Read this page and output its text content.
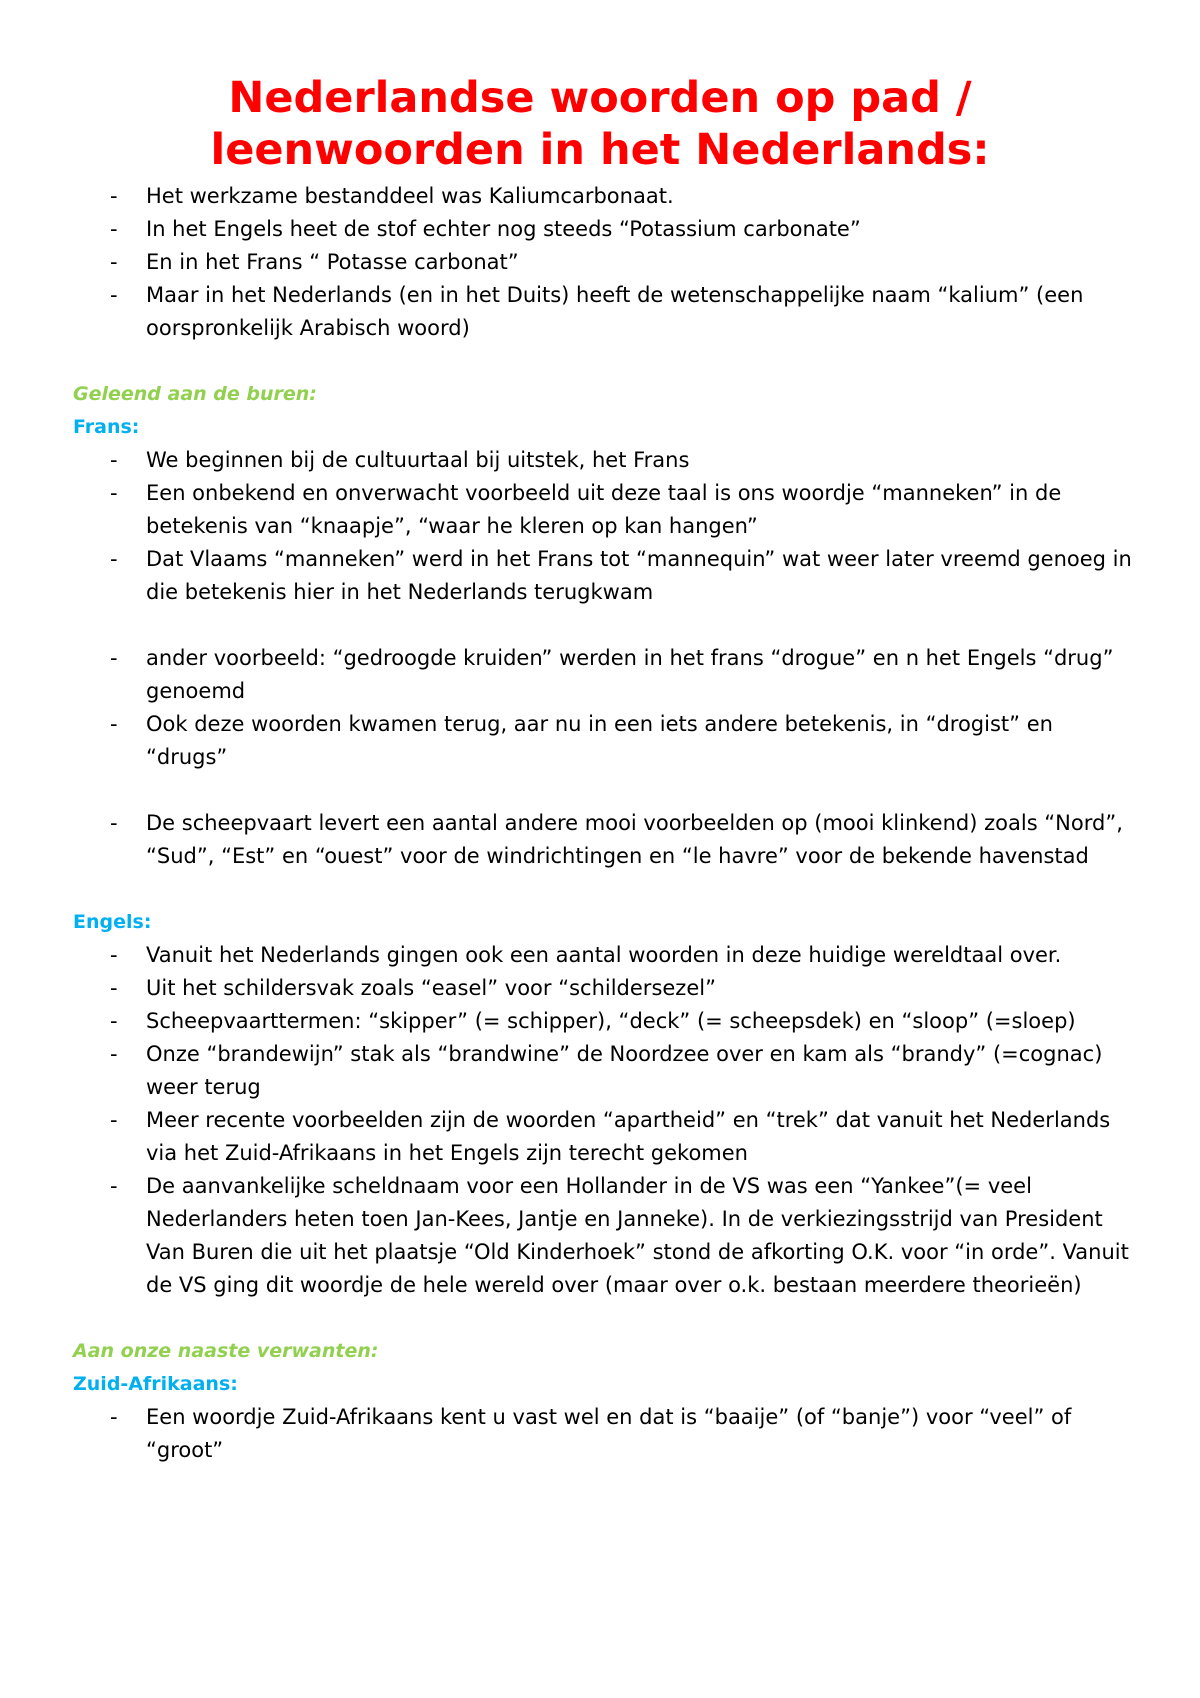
Nederlandse woorden op pad /
leenwoorden in het Nederlands:
- Het werkzame bestanddeel was Kaliumcarbonaat.
- In het Engels heet de stof echter nog steeds “Potassium carbonate”
- En in het Frans “ Potasse carbonat”
- Maar in het Nederlands (en in het Duits) heeft de wetenschappelijke naam “kalium” (een oorspronkelijk Arabisch woord)
Geleend aan de buren:
Frans:
- We beginnen bij de cultuurtaal bij uitstek, het Frans
- Een onbekend en onverwacht voorbeeld uit deze taal is ons woordje “manneken” in de betekenis van “knaapje”, “waar he kleren op kan hangen”
- Dat Vlaams “manneken” werd in het Frans tot “mannequin” wat weer later vreemd genoeg in die betekenis hier in het Nederlands terugkwam
- ander voorbeeld: “gedroogde kruiden” werden in het frans “drogue” en n het Engels “drug” genoemd
- Ook deze woorden kwamen terug, aar nu in een iets andere betekenis, in “drogist” en “drugs”
- De scheepvaart levert een aantal andere mooi voorbeelden op (mooi klinkend) zoals “Nord”, “Sud”, “Est” en “ouest” voor de windrichtingen en “le havre” voor de bekende havenstad
Engels:
- Vanuit het Nederlands gingen ook een aantal woorden in deze huidige wereldtaal over.
- Uit het schildersvak zoals “easel” voor “schildersezel”
- Scheepvaarttermen: “skipper” (= schipper), “deck” (= scheepsdek) en “sloop” (=sloep)
- Onze “brandewijn” stak als “brandwine” de Noordzee over en kam als “brandy” (=cognac) weer terug
- Meer recente voorbeelden zijn de woorden “apartheid” en “trek” dat vanuit het Nederlands via het Zuid-Afrikaans in het Engels zijn terecht gekomen
- De aanvankelijke scheldnaam voor een Hollander in de VS was een “Yankee”(= veel Nederlanders heten toen Jan-Kees, Jantje en Janneke). In de verkiezingsstrijd van President Van Buren die uit het plaatsje “Old Kinderhoek” stond de afkorting O.K. voor “in orde”. Vanuit de VS ging dit woordje de hele wereld over (maar over o.k. bestaan meerdere theorieën)
Aan onze naaste verwanten:
Zuid-Afrikaans:
- Een woordje Zuid-Afrikaans kent u vast wel en dat is “baaije” (of “banje”) voor “veel” of “groot”
